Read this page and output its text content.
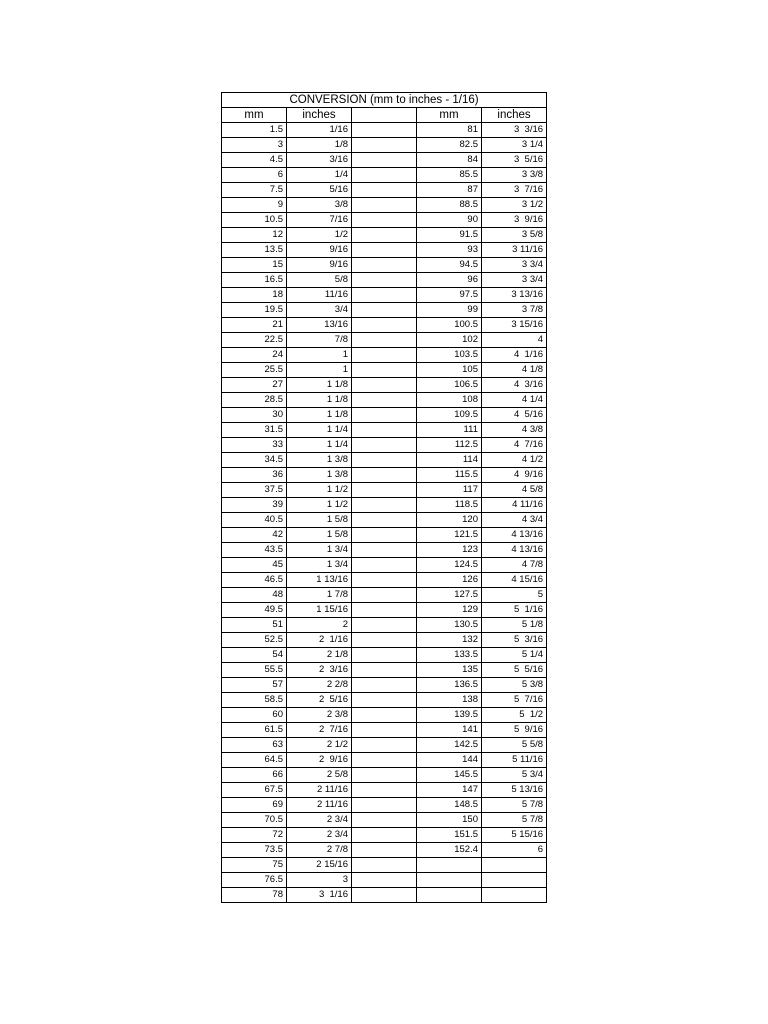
CONVERSION (mm to inches - 1/16)				
mm	inches		mm	inches
1.5	1/16		81	3  3/16
3	1/8		82.5	3 1/4
4.5	3/16		84	3  5/16
6	1/4		85.5	3 3/8
7.5	5/16		87	3  7/16
9	3/8		88.5	3 1/2
10.5	7/16		90	3  9/16
12	1/2		91.5	3 5/8
13.5	9/16		93	3 11/16
15	9/16		94.5	3 3/4
16.5	5/8		96	3 3/4
18	11/16		97.5	3 13/16
19.5	3/4		99	3 7/8
21	13/16		100.5	3 15/16
22.5	7/8		102	4
24	1		103.5	4  1/16
25.5	1		105	4 1/8
27	1 1/8		106.5	4  3/16
28.5	1 1/8		108	4 1/4
30	1 1/8		109.5	4  5/16
31.5	1 1/4		111	4 3/8
33	1 1/4		112.5	4  7/16
34.5	1 3/8		114	4 1/2
36	1 3/8		115.5	4  9/16
37.5	1 1/2		117	4 5/8
39	1 1/2		118.5	4 11/16
40.5	1 5/8		120	4 3/4
42	1 5/8		121.5	4 13/16
43.5	1 3/4		123	4 13/16
45	1 3/4		124.5	4 7/8
46.5	1 13/16		126	4 15/16
48	1 7/8		127.5	5
49.5	1 15/16		129	5  1/16
51	2		130.5	5 1/8
52.5	2  1/16		132	5  3/16
54	2 1/8		133.5	5 1/4
55.5	2  3/16		135	5  5/16
57	2 2/8		136.5	5 3/8
58.5	2  5/16		138	5  7/16
60	2 3/8		139.5	5  1/2
61.5	2  7/16		141	5  9/16
63	2 1/2		142.5	5 5/8
64.5	2  9/16		144	5 11/16
66	2 5/8		145.5	5 3/4
67.5	2 11/16		147	5 13/16
69	2 11/16		148.5	5 7/8
70.5	2 3/4		150	5 7/8
72	2 3/4		151.5	5 15/16
73.5	2 7/8		152.4	6
75	2 15/16			
76.5	3			
78	3  1/16			
